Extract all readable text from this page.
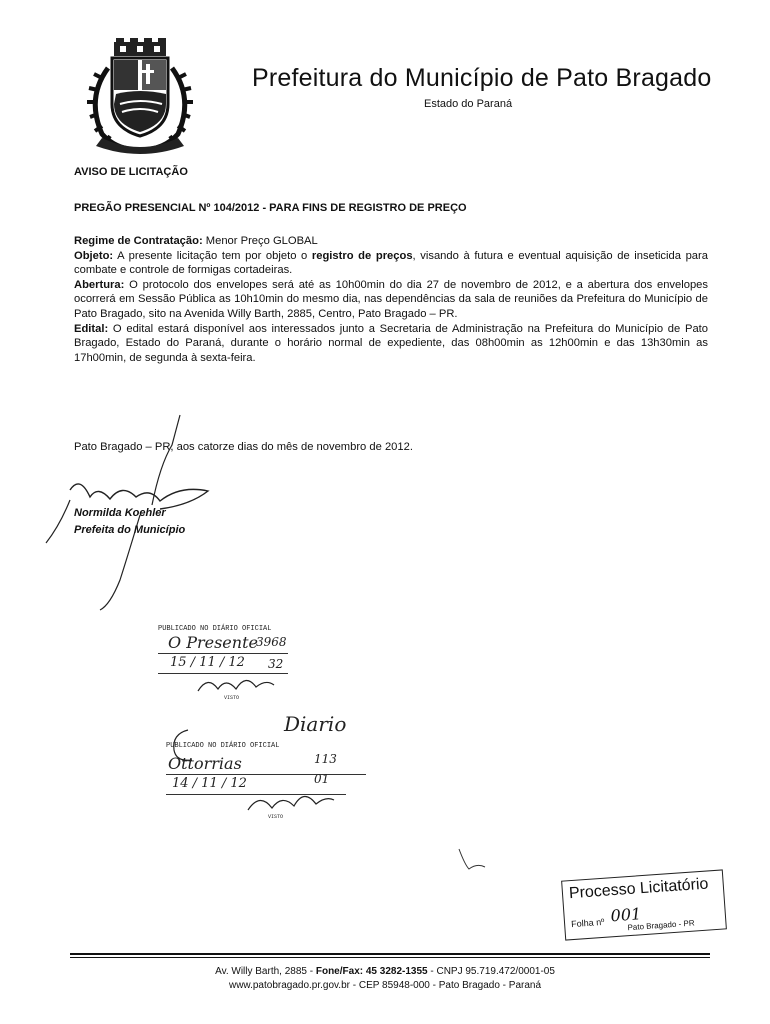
Prefeitura do Município de Pato Bragado
Estado do Paraná
AVISO DE LICITAÇÃO
PREGÃO PRESENCIAL Nº 104/2012 - PARA FINS DE REGISTRO DE PREÇO

Regime de Contratação: Menor Preço GLOBAL

Objeto: A presente licitação tem por objeto o registro de preços, visando à futura e eventual aquisição de inseticida para combate e controle de formigas cortadeiras.

Abertura: O protocolo dos envelopes será até as 10h00min do dia 27 de novembro de 2012, e a abertura dos envelopes ocorrerá em Sessão Pública as 10h10min do mesmo dia, nas dependências da sala de reuniões da Prefeitura do Município de Pato Bragado, sito na Avenida Willy Barth, 2885, Centro, Pato Bragado – PR.

Edital: O edital estará disponível aos interessados junto a Secretaria de Administração na Prefeitura do Município de Pato Bragado, Estado do Paraná, durante o horário normal de expediente, das 08h00min as 12h00min e das 13h30min as 17h00min, de segunda à sexta-feira.

Pato Bragado – PR, aos catorze dias do mês de novembro de 2012.
Normilda Koehler
Prefeita do Município
PUBLICADO NO DIÁRIO OFICIAL
O Presente
3968
15 / 11 / 12 32
VISTO
Diario
PUBLICADO NO DIÁRIO OFICIAL
Ottorrias	113
14 / 11 / 12	01
VISTO
Processo Licitatório
Folha nº 001
Pato Bragado - PR
Av. Willy Barth, 2885 - Fone/Fax: 45 3282-1355 - CNPJ 95.719.472/0001-05
www.patobragado.pr.gov.br - CEP 85948-000 - Pato Bragado - Paraná
